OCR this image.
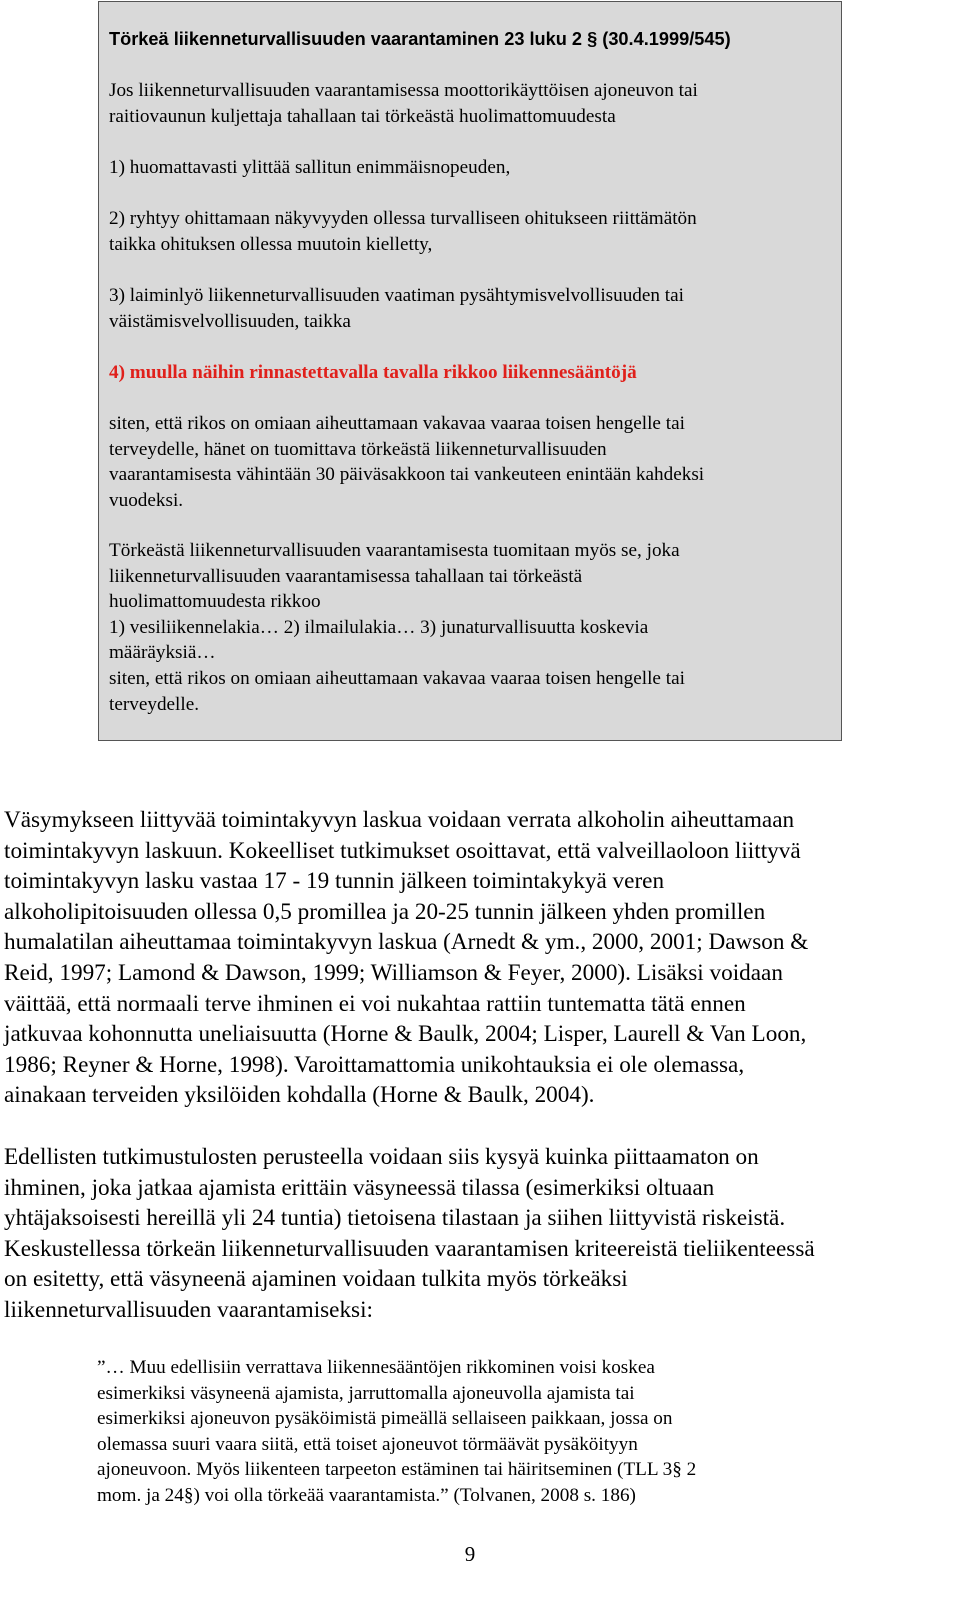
Törkeä liikenneturvallisuuden vaarantaminen 23 luku 2 § (30.4.1999/545)

Jos liikenneturvallisuuden vaarantamisessa moottorikäyttöisen ajoneuvon tai
raitiovaunun kuljettaja tahallaan tai törkeästä huolimattomuudesta

1) huomattavasti ylittää sallitun enimmäisnopeuden,

2) ryhtyy ohittamaan näkyvyyden ollessa turvalliseen ohitukseen riittämätön
taikka ohituksen ollessa muutoin kielletty,

3) laiminlyö liikenneturvallisuuden vaatiman pysähtymisvelvollisuuden tai
väistämisvelvollisuuden, taikka

4) muulla näihin rinnastettavalla tavalla rikkoo liikennesääntöjä

siten, että rikos on omiaan aiheuttamaan vakavaa vaaraa toisen hengelle tai
terveydelle, hänet on tuomittava törkeästä liikenneturvallisuuden
vaarantamisesta vähintään 30 päiväsakkoon tai vankeuteen enintään kahdeksi
vuodeksi.

Törkeästä liikenneturvallisuuden vaarantamisesta tuomitaan myös se, joka
liikenneturvallisuuden vaarantamisessa tahallaan tai törkeästä
huolimattomuudesta rikkoo
1) vesiliikennelakia… 2) ilmailulakia… 3) junaturvallisuutta koskevia
määräyksiä…
siten, että rikos on omiaan aiheuttamaan vakavaa vaaraa toisen hengelle tai
terveydelle.

Väsymykseen liittyvää toimintakyvyn laskua voidaan verrata alkoholin aiheuttamaan
toimintakyvyn laskuun. Kokeelliset tutkimukset osoittavat, että valveillaoloon liittyvä
toimintakyvyn lasku vastaa 17 - 19 tunnin jälkeen toimintakykyä veren
alkoholipitoisuuden ollessa 0,5 promillea ja 20-25 tunnin jälkeen yhden promillen
humalatilan aiheuttamaa toimintakyvyn laskua (Arnedt & ym., 2000, 2001; Dawson &
Reid, 1997; Lamond & Dawson, 1999; Williamson & Feyer, 2000). Lisäksi voidaan
väittää, että normaali terve ihminen ei voi nukahtaa rattiin tuntematta tätä ennen
jatkuvaa kohonnutta uneliaisuutta (Horne & Baulk, 2004; Lisper, Laurell & Van Loon,
1986; Reyner & Horne, 1998). Varoittamattomia unikohtauksia ei ole olemassa,
ainakaan terveiden yksilöiden kohdalla (Horne & Baulk, 2004).

Edellisten tutkimustulosten perusteella voidaan siis kysyä kuinka piittaamaton on
ihminen, joka jatkaa ajamista erittäin väsyneessä tilassa (esimerkiksi oltuaan
yhtäjaksoisesti hereillä yli 24 tuntia) tietoisena tilastaan ja siihen liittyvistä riskeistä.
Keskustellessa törkeän liikenneturvallisuuden vaarantamisen kriteereistä tieliikenteessä
on esitetty, että väsyneenä ajaminen voidaan tulkita myös törkeäksi
liikenneturvallisuuden vaarantamiseksi:

”… Muu edellisiin verrattava liikennesääntöjen rikkominen voisi koskea
esimerkiksi väsyneenä ajamista, jarruttomalla ajoneuvolla ajamista tai
esimerkiksi ajoneuvon pysäköimistä pimeällä sellaiseen paikkaan, jossa on
olemassa suuri vaara siitä, että toiset ajoneuvot törmäävät pysäköityyn
ajoneuvoon. Myös liikenteen tarpeeton estäminen tai häiritseminen (TLL 3§ 2
mom. ja 24§) voi olla törkeää vaarantamista.” (Tolvanen, 2008 s. 186)

9
